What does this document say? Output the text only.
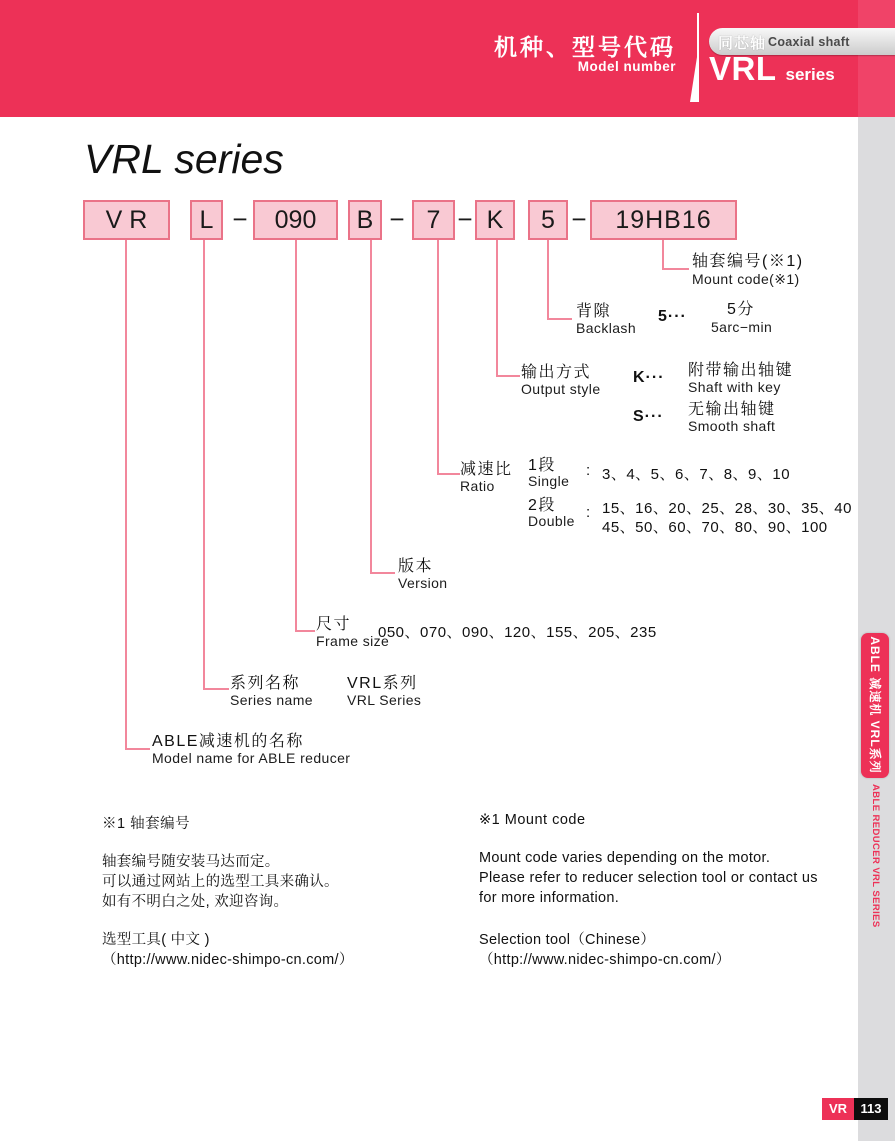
机种、型号代码
Model number
同芯轴 Coaxial shaft
VRL series
ABLE 减速机 VRL系列
ABLE REDUCER VRL SERIES
VR	113
VRL series
V R	L −	090	B − 7 − K	5 −	19HB16
轴套编号(※1)
Mount code(※1)
背隙
Backlash
5···	5分
5arc−min
输出方式
Output style
K··· 附带输出轴键
Shaft with key
S··· 无输出轴键
Smooth shaft
减速比
Ratio
1段
Single
: 3、4、5、6、7、8、9、10
2段
Double : 15、16、20、25、28、30、35、40
45、50、60、70、80、90、100
版本
Version
尺寸
Frame size
050、070、090、120、155、205、235
系列名称
Series name
VRL系列
VRL Series
ABLE减速机的名称
Model name for ABLE reducer
※1 轴套编号
轴套编号随安装马达而定。
可以通过网站上的选型工具来确认。
如有不明白之处, 欢迎咨询。
选型工具( 中文 )
（http://www.nidec-shimpo-cn.com/）
※1 Mount code
Mount code varies depending on the motor.
Please refer to reducer selection tool or contact us
for more information.
Selection tool（Chinese）
（http://www.nidec-shimpo-cn.com/）
